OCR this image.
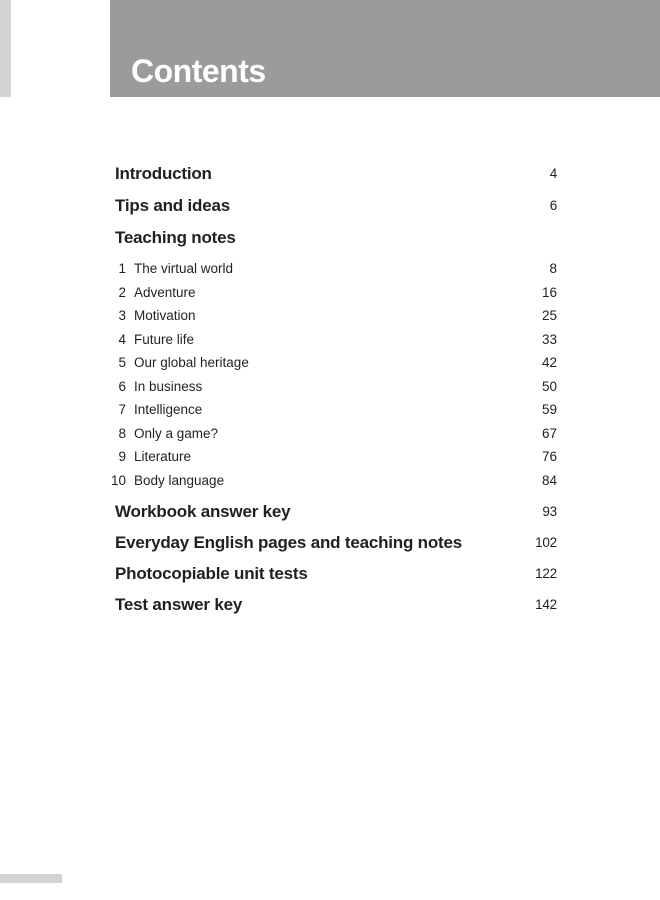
Contents
Introduction	4
Tips and ideas	6
Teaching notes
1 The virtual world	8
2 Adventure	16
3 Motivation	25
4 Future life	33
5 Our global heritage	42
6 In business	50
7 Intelligence	59
8 Only a game?	67
9 Literature	76
10 Body language	84
Workbook answer key	93
Everyday English pages and teaching notes	102
Photocopiable unit tests	122
Test answer key	142
